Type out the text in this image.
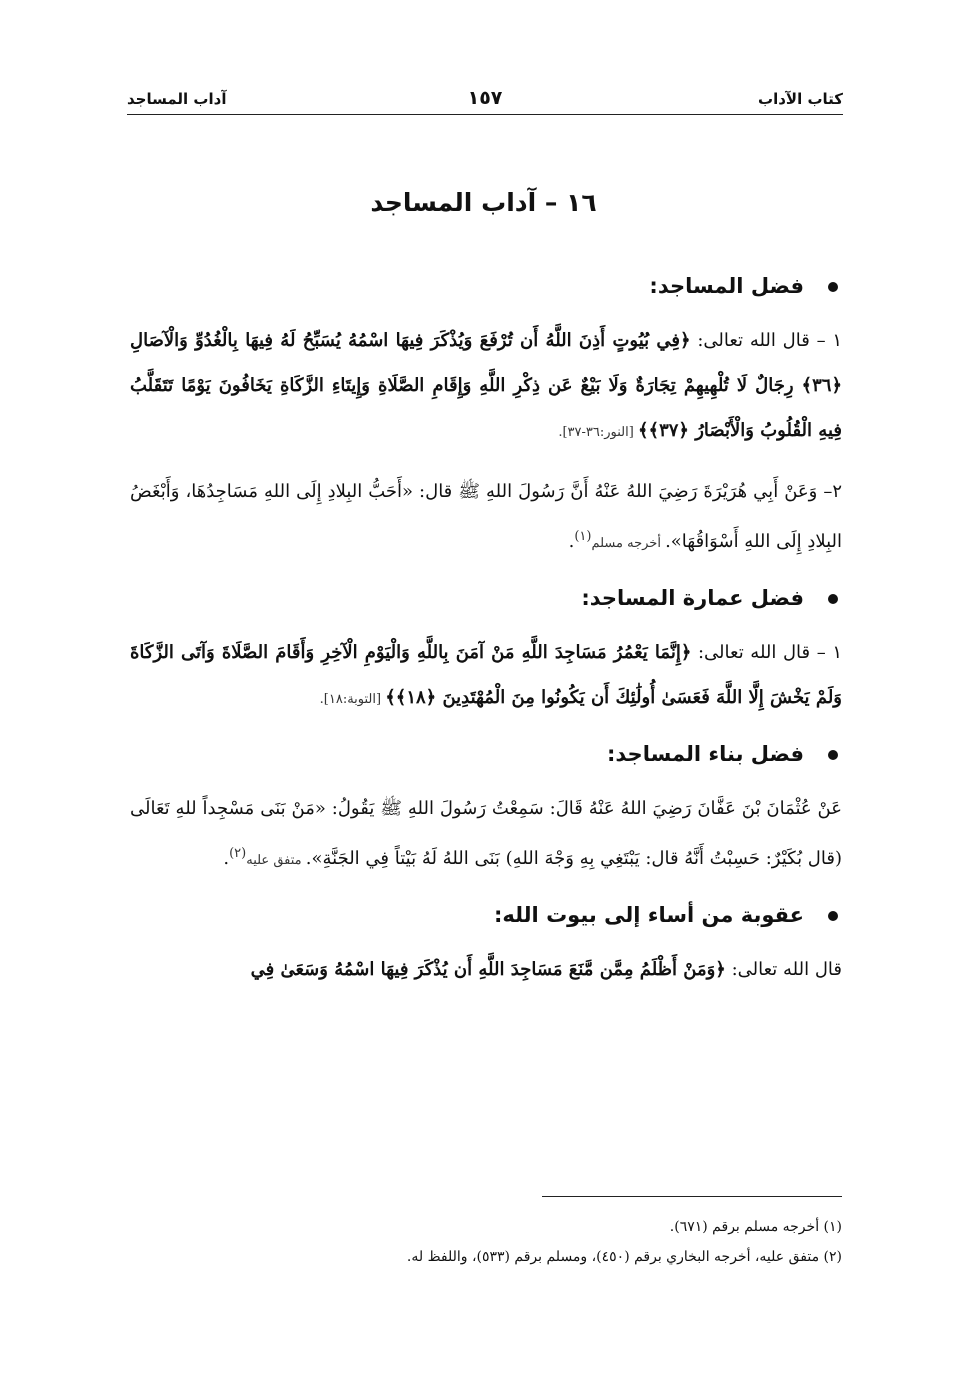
كتاب الآداب
١٥٧
آداب المساجد
١٦ – آداب المساجد
فضل المساجد:

١ – قال الله تعالى: ﴿فِي بُيُوتٍ أَذِنَ اللَّهُ أَن تُرْفَعَ وَيُذْكَرَ فِيهَا اسْمُهُ يُسَبِّحُ لَهُ فِيهَا بِالْغُدُوِّ وَالْآصَالِ ﴿٣٦﴾ رِجَالٌ لَا تُلْهِيهِمْ تِجَارَةٌ وَلَا بَيْعٌ عَن ذِكْرِ اللَّهِ وَإِقَامِ الصَّلَاةِ وَإِيتَاءِ الزَّكَاةِ يَخَافُونَ يَوْمًا تَتَقَلَّبُ فِيهِ الْقُلُوبُ وَالْأَبْصَارُ ﴿٣٧﴾﴾ [النور:٣٦-٣٧].

٢– وَعَنْ أَبِي هُرَيْرَةَ رَضِيَ اللهُ عَنْهُ أَنَّ رَسُولَ اللهِ ﷺ قال: «أَحَبُّ البِلادِ إِلَى اللهِ مَسَاجِدُهَا، وَأَبْغَضُ البِلادِ إِلَى اللهِ أَسْوَاقُهَا». أخرجه مسلم$^{(١)}$.

فضل عمارة المساجد:

١ – قال الله تعالى: ﴿إِنَّمَا يَعْمُرُ مَسَاجِدَ اللَّهِ مَنْ آمَنَ بِاللَّهِ وَالْيَوْمِ الْآخِرِ وَأَقَامَ الصَّلَاةَ وَآتَى الزَّكَاةَ وَلَمْ يَخْشَ إِلَّا اللَّهَ فَعَسَىٰ أُولَٰئِكَ أَن يَكُونُوا مِنَ الْمُهْتَدِينَ ﴿١٨﴾﴾ [التوبة:١٨].

فضل بناء المساجد:

عَنْ عُثْمَانَ بْنَ عَفَّانَ رَضِيَ اللهُ عَنْهُ قَالَ: سَمِعْتُ رَسُولَ اللهِ ﷺ يَقُولُ: «مَنْ بَنَى مَسْجِداً للهِ تَعَالَى (قال بُكَيْرٌ: حَسِبْتُ أَنَّهُ قال: يَبْتَغِي بِهِ وَجْهَ اللهِ) بَنَى اللهُ لَهُ بَيْتاً فِي الجَنَّةِ». متفق عليه$^{(٢)}$.

عقوبة من أساء إلى بيوت الله:

قال الله تعالى: ﴿وَمَنْ أَظْلَمُ مِمَّن مَّنَعَ مَسَاجِدَ اللَّهِ أَن يُذْكَرَ فِيهَا اسْمُهُ وَسَعَىٰ فِي

(١) أخرجه مسلم برقم (٦٧١).
(٢) متفق عليه، أخرجه البخاري برقم (٤٥٠)، ومسلم برقم (٥٣٣)، واللفظ له.
